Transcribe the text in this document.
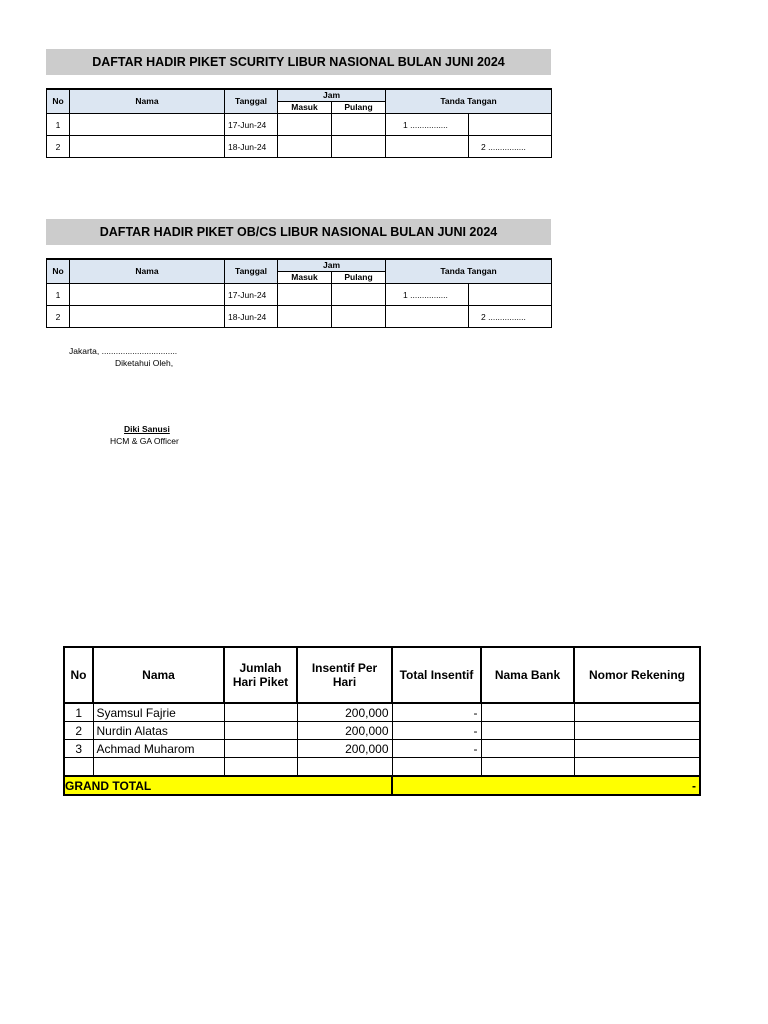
DAFTAR HADIR PIKET SCURITY LIBUR NASIONAL BULAN JUNI 2024
No	Nama	Tanggal	Jam		Tanda Tangan	
			Masuk	Pulang		
1		17-Jun-24			1 ................	
2		18-Jun-24				2 ................
DAFTAR HADIR PIKET OB/CS LIBUR NASIONAL BULAN JUNI 2024
No	Nama	Tanggal	Jam		Tanda Tangan	
			Masuk	Pulang		
1		17-Jun-24			1 ................	
2		18-Jun-24				2 ................
Jakarta, ................................
Diketahui Oleh,
Diki Sanusi
HCM & GA Officer
No	Nama	Jumlah Hari Piket	Insentif Per Hari	Total Insentif	Nama Bank	Nomor Rekening
1	Syamsul Fajrie		200,000	-		
2	Nurdin Alatas		200,000	-		
3	Achmad Muharom		200,000	-		

GRAND TOTAL				-		
